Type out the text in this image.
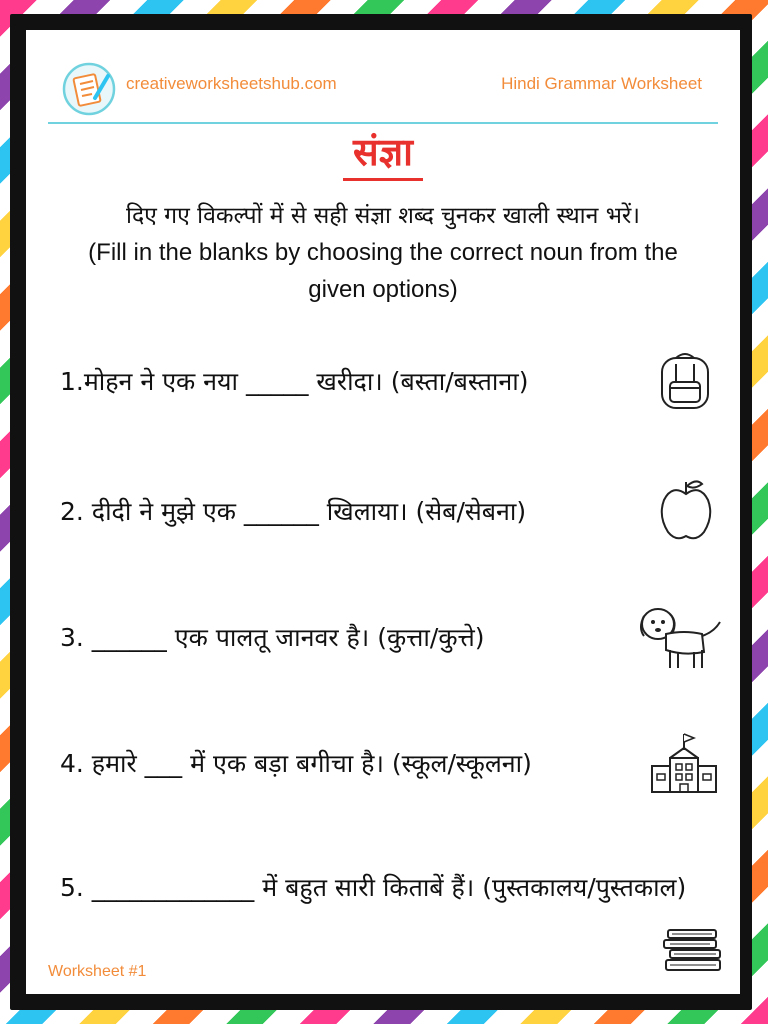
creativeworksheetshub.com	Hindi Grammar Worksheet
संज्ञा
दिए गए विकल्पों में से सही संज्ञा शब्द चुनकर खाली स्थान भरें।
(Fill in the blanks by choosing the correct noun from the given options)
1.मोहन ने एक नया _____ खरीदा। (बस्ता/बस्ताना)
2. दीदी ने मुझे एक ______ खिलाया। (सेब/सेबना)
3. ______ एक पालतू जानवर है। (कुत्ता/कुत्ते)
4. हमारे ___ में एक बड़ा बगीचा है। (स्कूल/स्कूलना)
5. _____________ में बहुत सारी किताबें हैं। (पुस्तकालय/पुस्तकाल)
Worksheet #1
